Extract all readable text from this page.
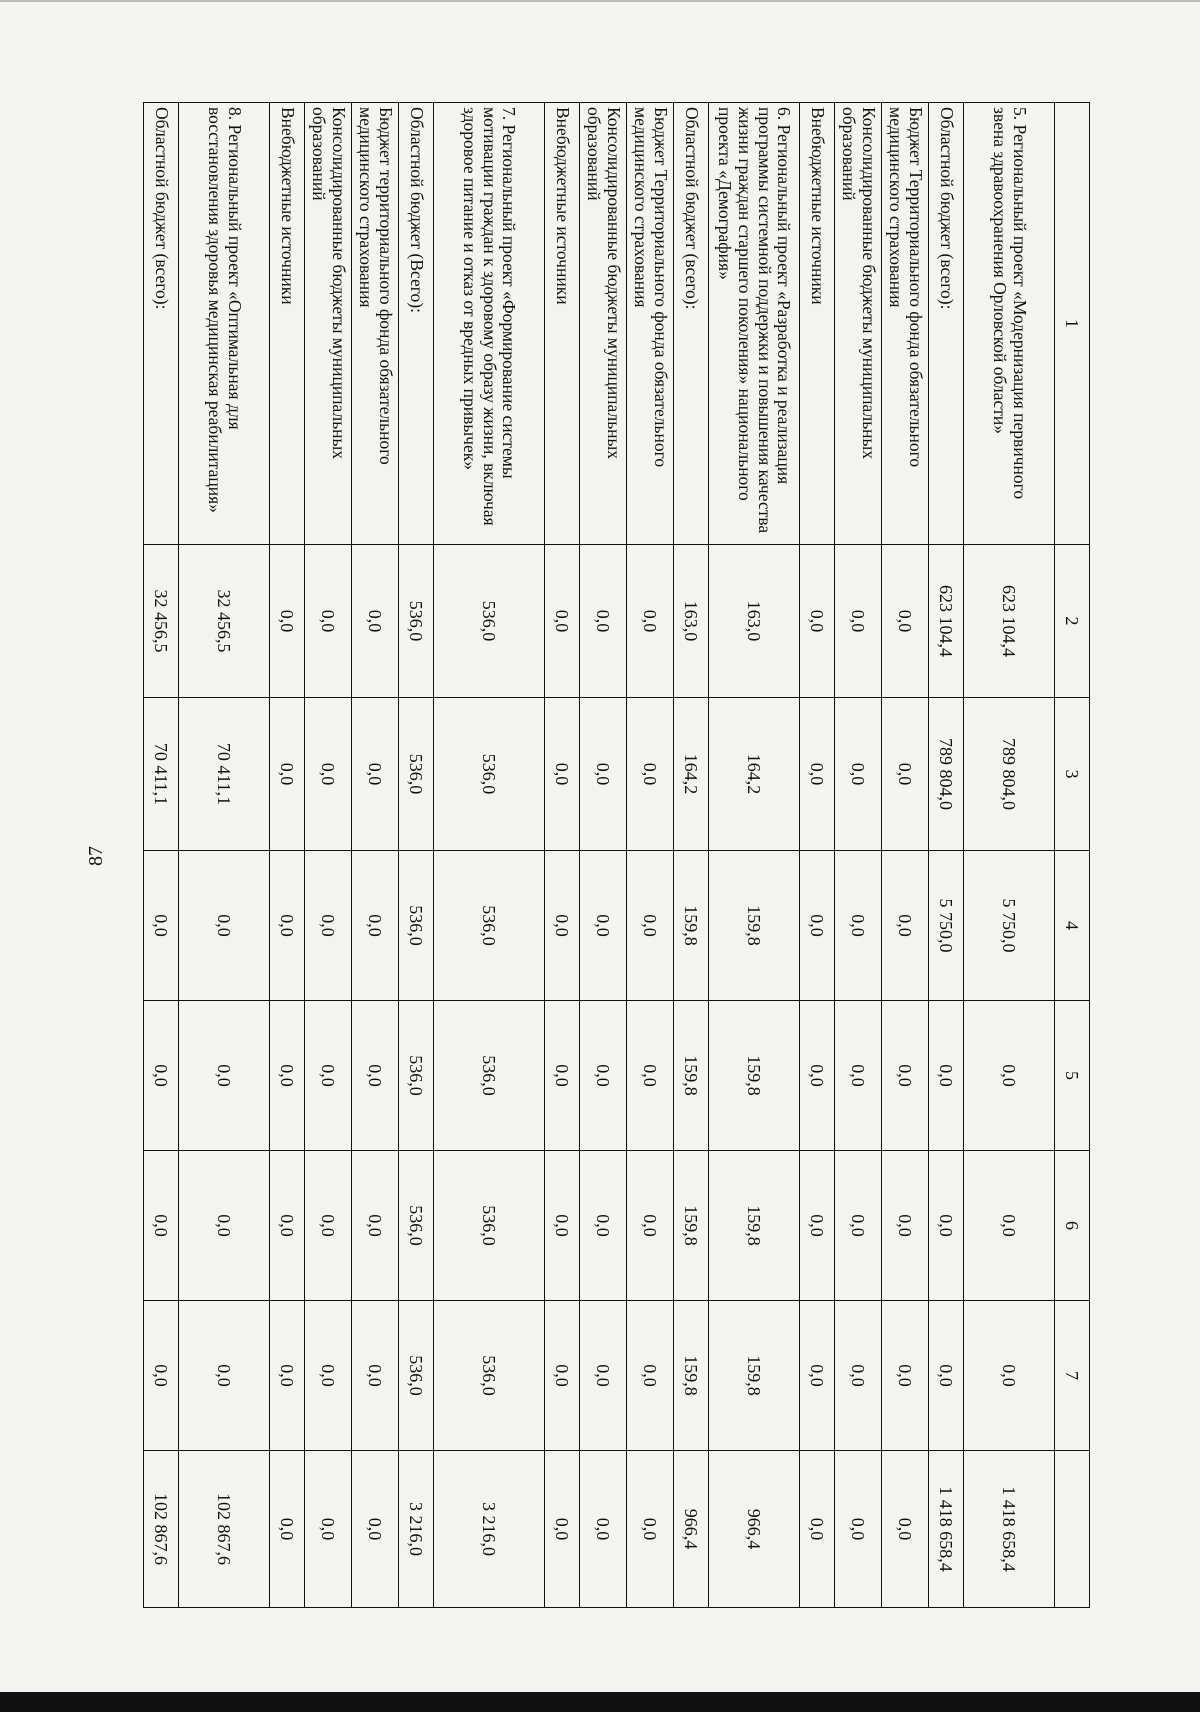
87
1	2	3	4	5	6	7	
5. Региональный проект «Модернизация первичного звена здравоохранения Орловской области»	623 104,4	789 804,0	5 750,0	0,0	0,0	0,0	1 418 658,4
Областной бюджет (всего):	623 104,4	789 804,0	5 750,0	0,0	0,0	0,0	1 418 658,4
Бюджет Территориального фонда обязательного медицинского страхования	0,0	0,0	0,0	0,0	0,0	0,0	0,0
Консолидированные бюджеты муниципальных образований	0,0	0,0	0,0	0,0	0,0	0,0	0,0
Внебюджетные источники	0,0	0,0	0,0	0,0	0,0	0,0	0,0
6. Региональный проект «Разработка и реализация программы системной поддержки и повышения качества жизни граждан старшего поколения» национального проекта «Демография»	163,0	164,2	159,8	159,8	159,8	159,8	966,4
Областной бюджет (всего):	163,0	164,2	159,8	159,8	159,8	159,8	966,4
Бюджет Территориального фонда обязательного медицинского страхования	0,0	0,0	0,0	0,0	0,0	0,0	0,0
Консолидированные бюджеты муниципальных образований	0,0	0,0	0,0	0,0	0,0	0,0	0,0
Внебюджетные источники	0,0	0,0	0,0	0,0	0,0	0,0	0,0
7. Региональный проект «Формирование системы мотивации граждан к здоровому образу жизни, включая здоровое питание и отказ от вредных привычек»	536,0	536,0	536,0	536,0	536,0	536,0	3 216,0
Областной бюджет (Всего):	536,0	536,0	536,0	536,0	536,0	536,0	3 216,0
Бюджет территориального фонда обязательного медицинского страхования	0,0	0,0	0,0	0,0	0,0	0,0	0,0
Консолидированные бюджеты муниципальных образований	0,0	0,0	0,0	0,0	0,0	0,0	0,0
Внебюджетные источники	0,0	0,0	0,0	0,0	0,0	0,0	0,0
8. Региональный проект «Оптимальная для восстановления здоровья медицинская реабилитация»	32 456,5	70 411,1	0,0	0,0	0,0	0,0	102 867,6
Областной бюджет (всего):	32 456,5	70 411,1	0,0	0,0	0,0	0,0	102 867,6
